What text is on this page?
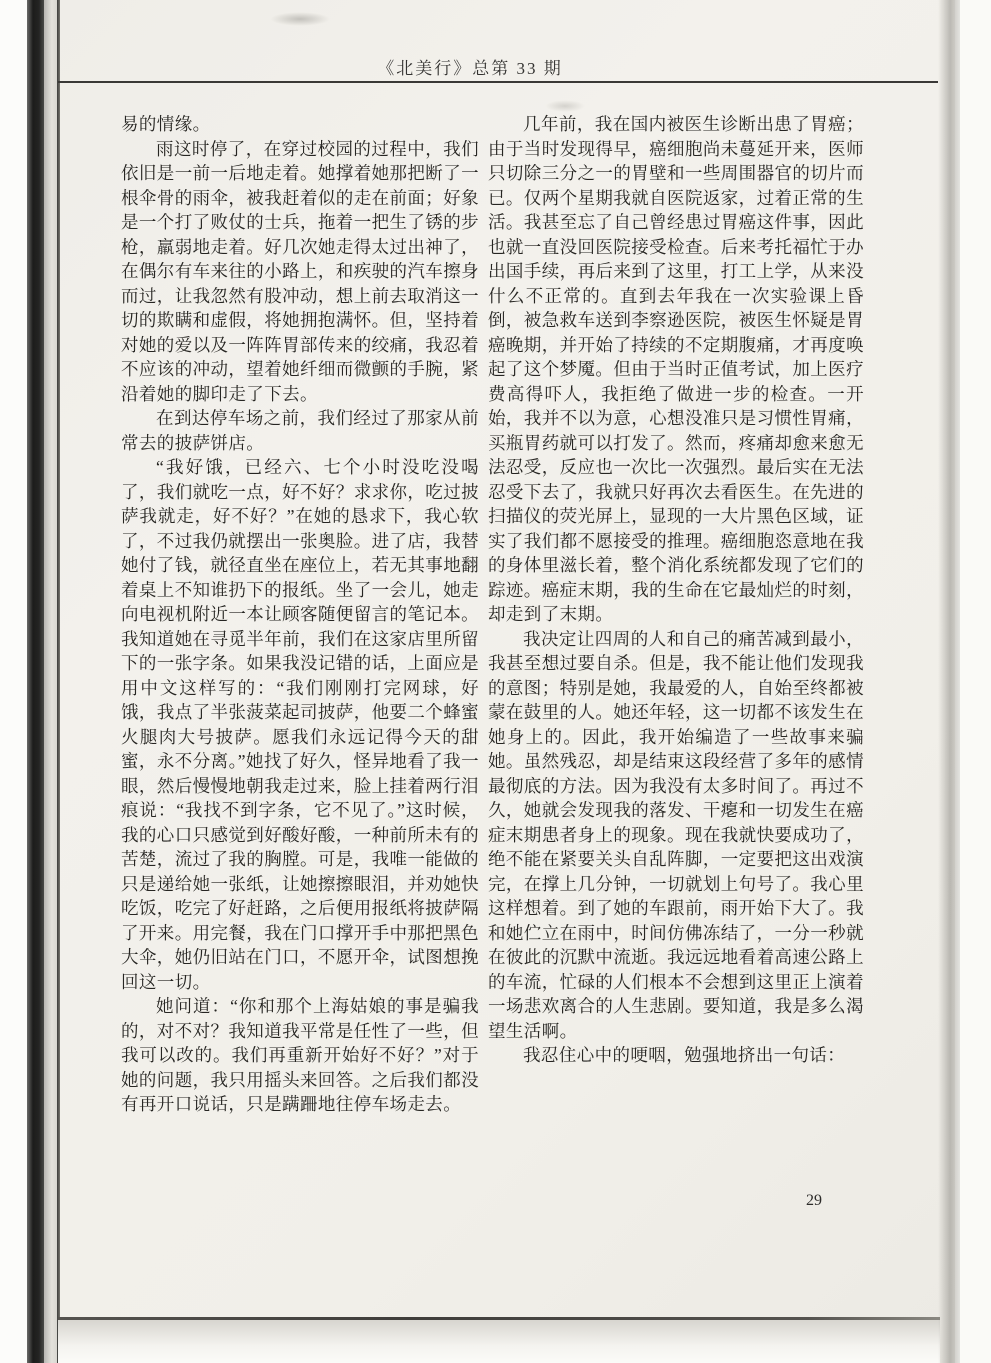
《北美行》总第 33 期

易的情缘。

雨这时停了，在穿过校园的过程中，我们依旧是一前一后地走着。她撑着她那把断了一根伞骨的雨伞，被我赶着似的走在前面；好象是一个打了败仗的士兵，拖着一把生了锈的步枪，羸弱地走着。好几次她走得太过出神了，在偶尔有车来往的小路上，和疾驶的汽车擦身而过，让我忽然有股冲动，想上前去取消这一切的欺瞒和虚假，将她拥抱满怀。但，坚持着对她的爱以及一阵阵胃部传来的绞痛，我忍着不应该的冲动，望着她纤细而微颤的手腕，紧沿着她的脚印走了下去。

在到达停车场之前，我们经过了那家从前常去的披萨饼店。

“我好饿，已经六、七个小时没吃没喝了，我们就吃一点，好不好？求求你，吃过披萨我就走，好不好？”在她的恳求下，我心软了，不过我仍就摆出一张奥脸。进了店，我替她付了钱，就径直坐在座位上，若无其事地翻着桌上不知谁扔下的报纸。坐了一会儿，她走向电视机附近一本让顾客随便留言的笔记本。我知道她在寻觅半年前，我们在这家店里所留下的一张字条。如果我没记错的话，上面应是用中文这样写的：“我们刚刚打完网球，好饿，我点了半张菠菜起司披萨，他要二个蜂蜜火腿肉大号披萨。愿我们永远记得今天的甜蜜，永不分离。”她找了好久，怪异地看了我一眼，然后慢慢地朝我走过来，脸上挂着两行泪痕说：“我找不到字条，它不见了。”这时候，我的心口只感觉到好酸好酸，一种前所未有的苦楚，流过了我的胸膛。可是，我唯一能做的只是递给她一张纸，让她擦擦眼泪，并劝她快吃饭，吃完了好赶路，之后便用报纸将披萨隔了开来。用完餐，我在门口撑开手中那把黑色大伞，她仍旧站在门口，不愿开伞，试图想挽回这一切。

她问道：“你和那个上海姑娘的事是骗我的，对不对？我知道我平常是任性了一些，但我可以改的。我们再重新开始好不好？”对于她的问题，我只用摇头来回答。之后我们都没有再开口说话，只是蹒跚地往停车场走去。

几年前，我在国内被医生诊断出患了胃癌；由于当时发现得早，癌细胞尚未蔓延开来，医师只切除三分之一的胃壁和一些周围器官的切片而已。仅两个星期我就自医院返家，过着正常的生活。我甚至忘了自己曾经患过胃癌这件事，因此也就一直没回医院接受检查。后来考托福忙于办出国手续，再后来到了这里，打工上学，从来没什么不正常的。直到去年我在一次实验课上昏倒，被急救车送到李察逊医院，被医生怀疑是胃癌晚期，并开始了持续的不定期腹痛，才再度唤起了这个梦魇。但由于当时正值考试，加上医疗费高得吓人，我拒绝了做进一步的检查。一开始，我并不以为意，心想没准只是习惯性胃痛，买瓶胃药就可以打发了。然而，疼痛却愈来愈无法忍受，反应也一次比一次强烈。最后实在无法忍受下去了，我就只好再次去看医生。在先进的扫描仪的荧光屏上，显现的一大片黑色区域，证实了我们都不愿接受的推理。癌细胞恣意地在我的身体里滋长着，整个消化系统都发现了它们的踪迹。癌症末期，我的生命在它最灿烂的时刻，却走到了末期。

我决定让四周的人和自己的痛苦减到最小，我甚至想过要自杀。但是，我不能让他们发现我的意图；特别是她，我最爱的人，自始至终都被蒙在鼓里的人。她还年轻，这一切都不该发生在她身上的。因此，我开始编造了一些故事来骗她。虽然残忍，却是结束这段经营了多年的感情最彻底的方法。因为我没有太多时间了。再过不久，她就会发现我的落发、干瘪和一切发生在癌症末期患者身上的现象。现在我就快要成功了，绝不能在紧要关头自乱阵脚，一定要把这出戏演完，在撑上几分钟，一切就划上句号了。我心里这样想着。到了她的车跟前，雨开始下大了。我和她伫立在雨中，时间仿佛冻结了，一分一秒就在彼此的沉默中流逝。我远远地看着高速公路上的车流，忙碌的人们根本不会想到这里正上演着一场悲欢离合的人生悲剧。要知道，我是多么渴望生活啊。

我忍住心中的哽咽，勉强地挤出一句话：

29
